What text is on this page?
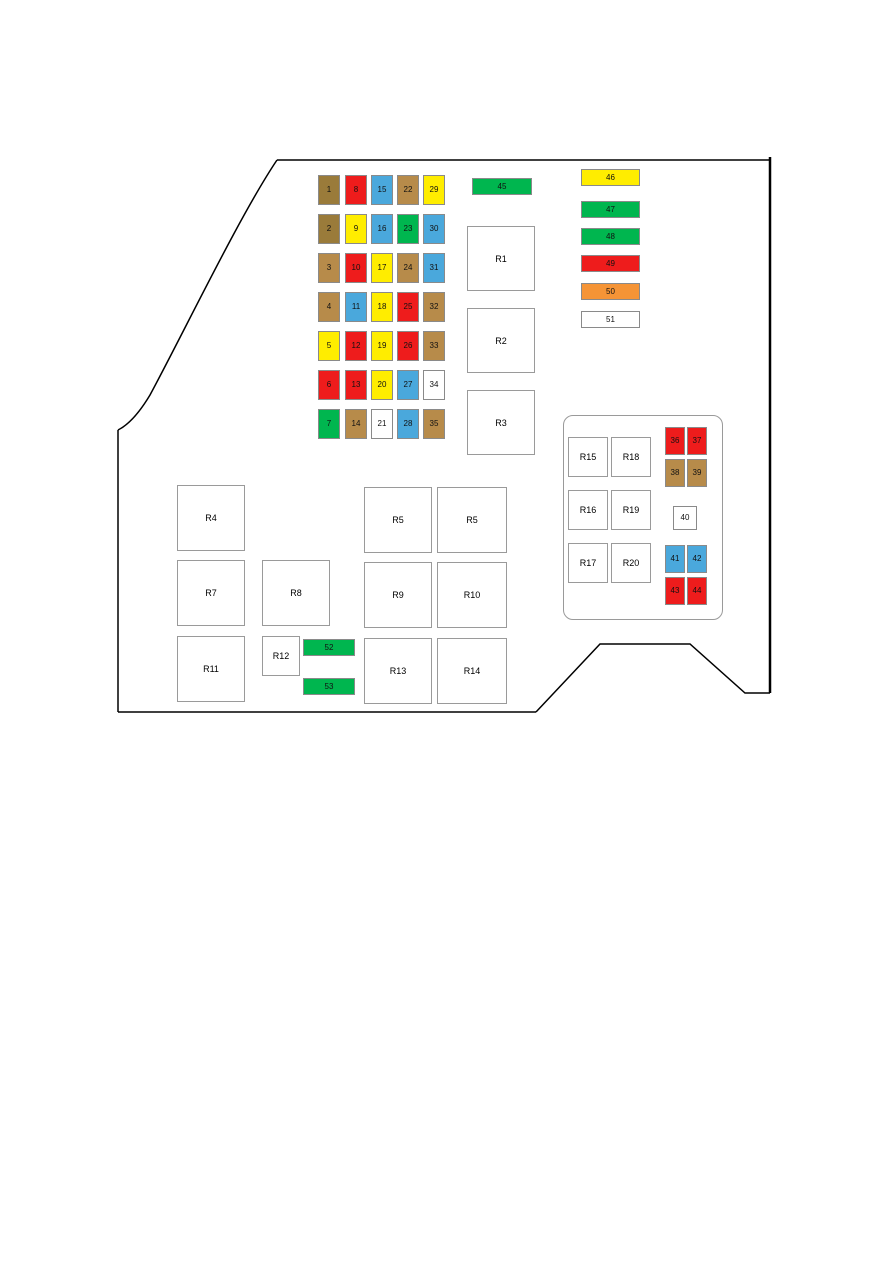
1
2
3
4
5
6
7
8
9
10
11
12
13
14
15
16
17
18
19
20
21
22
23
24
25
26
27
28
29
30
31
32
33
34
35
45
46
47
48
49
50
51
R1
R2
R3
R4	R5	R5
R7	R8	R9	R10
R11
R12
R13	R14
52
53
R15	R18
R16	R19
R17	R20
36	37
38	39
40
41	42
43	44
